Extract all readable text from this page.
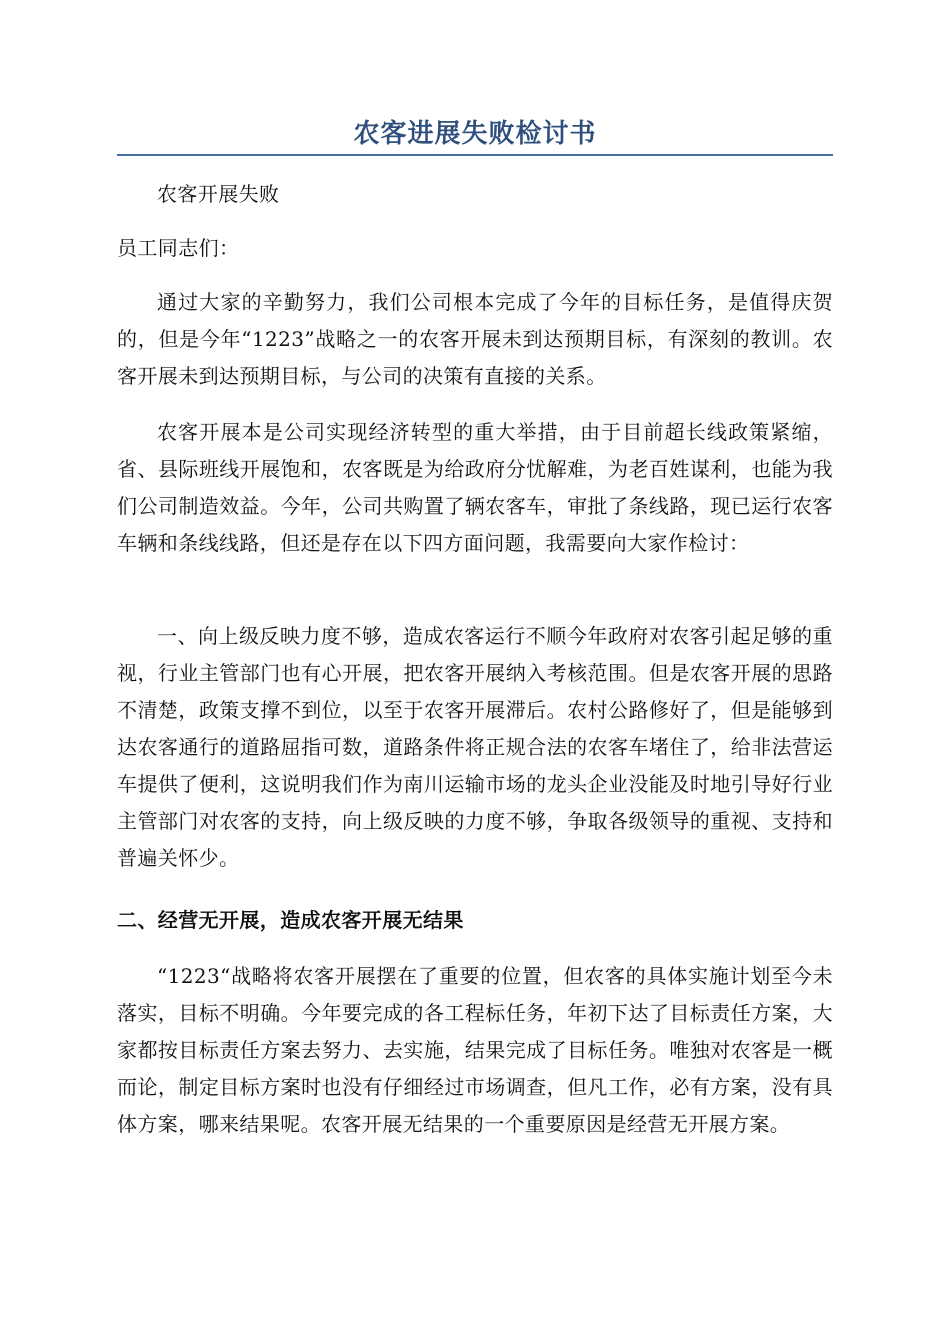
农客进展失败检讨书

农客开展失败

员工同志们：

通过大家的辛勤努力，我们公司根本完成了今年的目标任务，是值得庆贺的，但是今年“1223”战略之一的农客开展未到达预期目标，有深刻的教训。农客开展未到达预期目标，与公司的决策有直接的关系。

农客开展本是公司实现经济转型的重大举措，由于目前超长线政策紧缩，省、县际班线开展饱和，农客既是为给政府分忧解难，为老百姓谋利，也能为我们公司制造效益。今年，公司共购置了辆农客车，审批了条线路，现已运行农客车辆和条线线路，但还是存在以下四方面问题，我需要向大家作检讨：

一、向上级反映力度不够，造成农客运行不顺今年政府对农客引起足够的重视，行业主管部门也有心开展，把农客开展纳入考核范围。但是农客开展的思路不清楚，政策支撑不到位，以至于农客开展滞后。农村公路修好了，但是能够到达农客通行的道路屈指可数，道路条件将正规合法的农客车堵住了，给非法营运车提供了便利，这说明我们作为南川运输市场的龙头企业没能及时地引导好行业主管部门对农客的支持，向上级反映的力度不够，争取各级领导的重视、支持和普遍关怀少。

二、经营无开展，造成农客开展无结果

“1223“战略将农客开展摆在了重要的位置，但农客的具体实施计划至今未落实，目标不明确。今年要完成的各工程标任务，年初下达了目标责任方案，大家都按目标责任方案去努力、去实施，结果完成了目标任务。唯独对农客是一概而论，制定目标方案时也没有仔细经过市场调查，但凡工作，必有方案，没有具体方案，哪来结果呢。农客开展无结果的一个重要原因是经营无开展方案。
